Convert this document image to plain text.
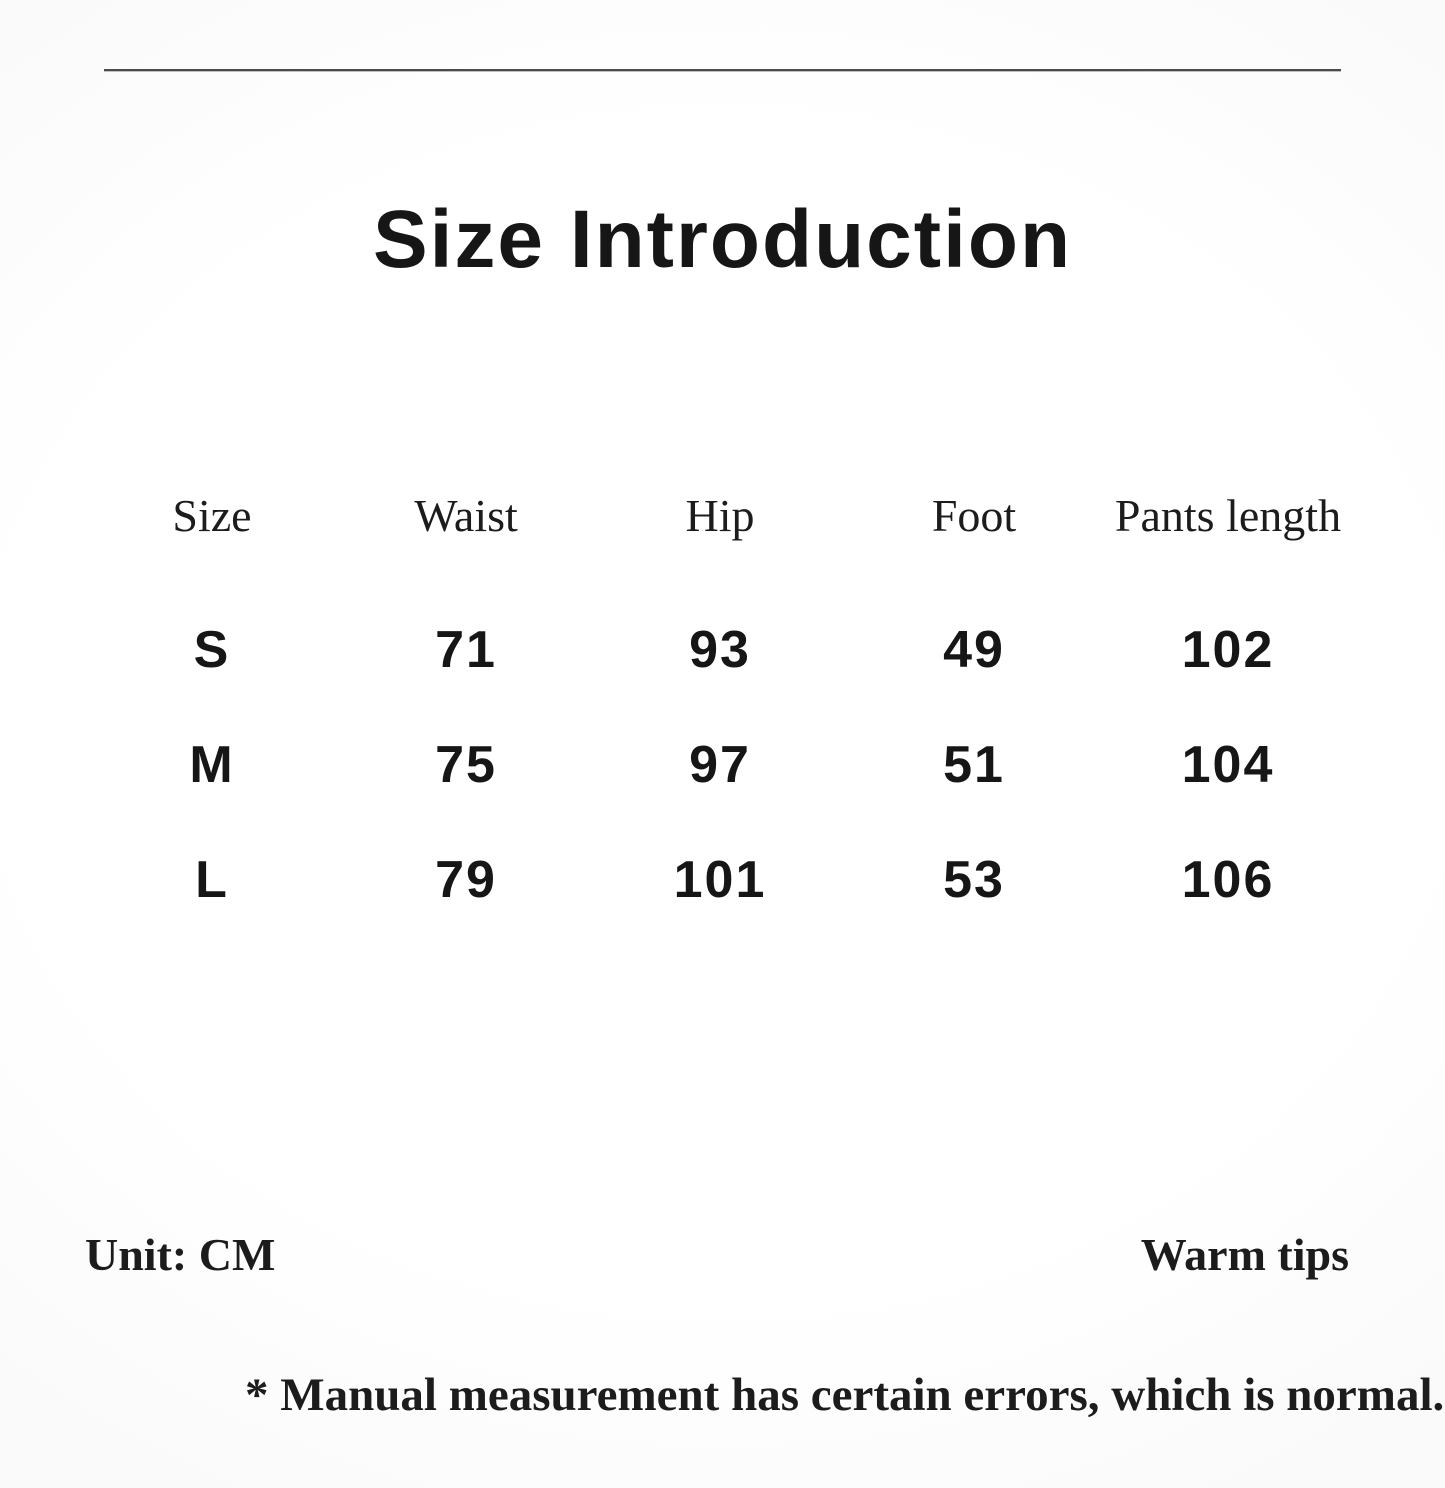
Size Introduction
Size	Waist	Hip	Foot	Pants length
S	71	93	49	102
M	75	97	51	104
L	79	101	53	106
Unit: CM	Warm tips
* Manual measurement has certain errors, which is normal.
